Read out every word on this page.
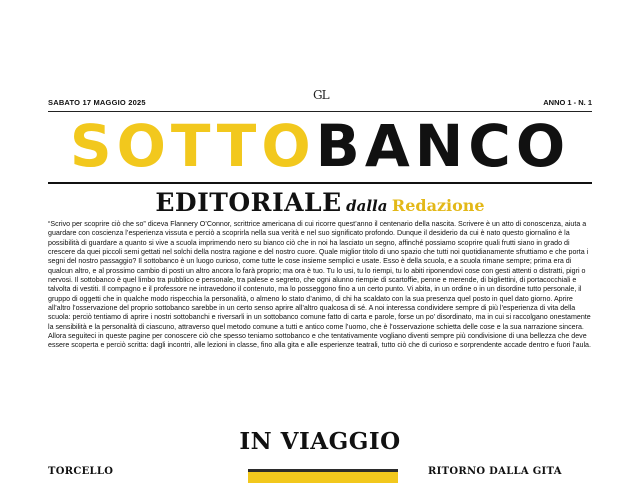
SABATO 17 MAGGIO 2025
GL
ANNO 1 - N. 1
SOTTOBANCO
EDITORIALE dalla Redazione
“Scrivo per scoprire ciò che so” diceva Flannery O’Connor, scrittrice americana di cui ricorre quest’anno il centenario della nascita. Scrivere è un atto di conoscenza, aiuta a guardare con coscienza l’esperienza vissuta e perciò a scoprirla nella sua verità e nel suo significato profondo. Dunque il desiderio da cui è nato questo giornalino è la possibilità di guardare a quanto si vive a scuola imprimendo nero su bianco ciò che in noi ha lasciato un segno, affinché possiamo scoprire quali frutti siano in grado di crescere da quei piccoli semi gettati nel solchi della nostra ragione e del nostro cuore. Quale miglior titolo di uno spazio che tutti noi quotidianamente sfruttiamo e che porta i segni del nostro passaggio? Il sottobanco è un luogo curioso, come tutte le cose insieme semplici e usate. Esso è della scuola, e a scuola rimane sempre; prima era di qualcun altro, e al prossimo cambio di posti un altro ancora lo farà proprio; ma ora è tuo. Tu lo usi, tu lo riempi, tu lo abiti riponendovi cose con gesti attenti o distratti, pigri o nervosi. Il sottobanco è quel limbo tra pubblico e personale, tra palese e segreto, che ogni alunno riempie di scartoffie, penne e merende, di bigliettini, di portacocchiali e talvolta di vestiti. Il compagno e il professore ne intravedono il contenuto, ma lo posseggono fino a un certo punto. Vi abita, in un ordine o in un disordine tutto personale, il gruppo di oggetti che in qualche modo rispecchia la personalità, o almeno lo stato d’animo, di chi ha scaldato con la sua presenza quel posto in quel dato giorno. Aprire all’altro l’osservazione del proprio sottobanco sarebbe in un certo senso aprire all’altro qualcosa di sé. A noi interessa condividere sempre di più l’esperienza di vita della scuola: perciò tentiamo di aprire i nostri sottobanchi e riversarli in un sottobanco comune fatto di carta e parole, forse un po’ disordinato, ma in cui si raccolgano onestamente la sensibilità e la personalità di ciascuno, attraverso quel metodo comune a tutti e antico come l’uomo, che è l’osservazione schietta delle cose e la sua narrazione sincera. Allora seguiteci in queste pagine per conoscere ciò che spesso teniamo sottobanco e che tentativamente vogliano diventi sempre più condivisione di una bellezza che deve essere scoperta e perciò scritta: dagli incontri, alle lezioni in classe, fino alla gita e alle esperienze teatrali, tutto ciò che di curioso e sorprendente accade dentro e fuori l’aula.
IN VIAGGIO
TORCELLO	RITORNO DALLA GITA
